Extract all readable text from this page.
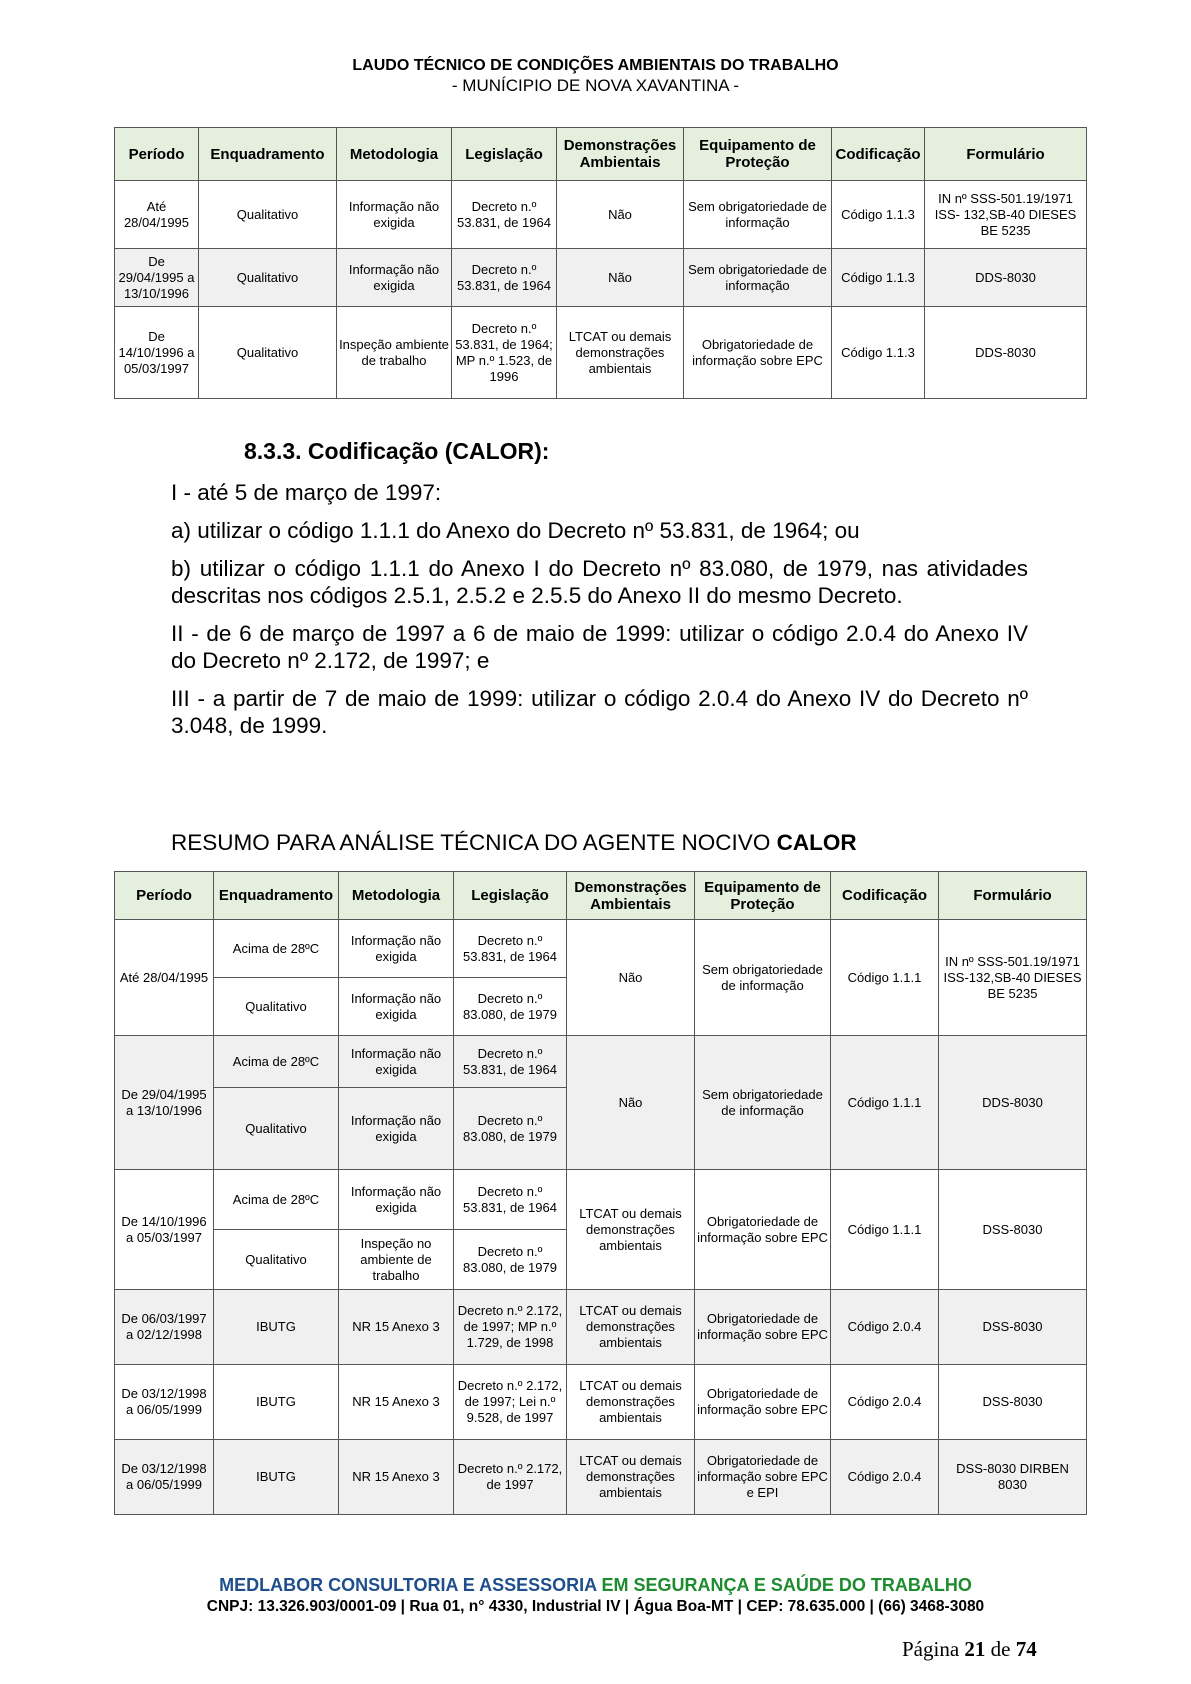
LAUDO TÉCNICO DE CONDIÇÕES AMBIENTAIS DO TRABALHO
- MUNÍCIPIO DE NOVA XAVANTINA -
Período	Enquadramento	Metodologia	Legislação	Demonstrações Ambientais	Equipamento de Proteção	Codificação	Formulário
Até 28/04/1995	Qualitativo	Informação não exigida	Decreto n.º 53.831, de 1964	Não	Sem obrigatoriedade de informação	Código 1.1.3	IN nº SSS-501.19/1971 ISS- 132,SB-40 DIESES BE 5235
De 29/04/1995 a 13/10/1996	Qualitativo	Informação não exigida	Decreto n.º 53.831, de 1964	Não	Sem obrigatoriedade de informação	Código 1.1.3	DDS-8030
De 14/10/1996 a 05/03/1997	Qualitativo	Inspeção ambiente de trabalho	Decreto n.º 53.831, de 1964; MP n.º 1.523, de 1996	LTCAT ou demais demonstrações ambientais	Obrigatoriedade de informação sobre EPC	Código 1.1.3	DDS-8030
8.3.3. Codificação (CALOR):

I - até 5 de março de 1997:

a) utilizar o código 1.1.1 do Anexo do Decreto nº 53.831, de 1964; ou

b) utilizar o código 1.1.1 do Anexo I do Decreto nº 83.080, de 1979, nas atividades descritas nos códigos 2.5.1, 2.5.2 e 2.5.5 do Anexo II do mesmo Decreto.

II - de 6 de março de 1997 a 6 de maio de 1999: utilizar o código 2.0.4 do Anexo IV do Decreto nº 2.172, de 1997; e

III - a partir de 7 de maio de 1999: utilizar o código 2.0.4 do Anexo IV do Decreto nº 3.048, de 1999.

RESUMO PARA ANÁLISE TÉCNICA DO AGENTE NOCIVO CALOR
Período	Enquadramento	Metodologia	Legislação	Demonstrações Ambientais	Equipamento de Proteção	Codificação	Formulário
Até 28/04/1995	Acima de 28ºC	Informação não exigida	Decreto n.º 53.831, de 1964	Não	Sem obrigatoriedade de informação	Código 1.1.1	IN nº SSS-501.19/1971 ISS-132,SB-40 DIESES BE 5235
	Qualitativo	Informação não exigida	Decreto n.º 83.080, de 1979				
De 29/04/1995 a 13/10/1996	Acima de 28ºC	Informação não exigida	Decreto n.º 53.831, de 1964	Não	Sem obrigatoriedade de informação	Código 1.1.1	DDS-8030
	Qualitativo	Informação não exigida	Decreto n.º 83.080, de 1979				
De 14/10/1996 a 05/03/1997	Acima de 28ºC	Informação não exigida	Decreto n.º 53.831, de 1964	LTCAT ou demais demonstrações ambientais	Obrigatoriedade de informação sobre EPC	Código 1.1.1	DSS-8030
	Qualitativo	Inspeção no ambiente de trabalho	Decreto n.º 83.080, de 1979				
De 06/03/1997 a 02/12/1998	IBUTG	NR 15 Anexo 3	Decreto n.º 2.172, de 1997; MP n.º 1.729, de 1998	LTCAT ou demais demonstrações ambientais	Obrigatoriedade de informação sobre EPC	Código 2.0.4	DSS-8030
De 03/12/1998 a 06/05/1999	IBUTG	NR 15 Anexo 3	Decreto n.º 2.172, de 1997; Lei n.º 9.528, de 1997	LTCAT ou demais demonstrações ambientais	Obrigatoriedade de informação sobre EPC	Código 2.0.4	DSS-8030
De 03/12/1998 a 06/05/1999	IBUTG	NR 15 Anexo 3	Decreto n.º 2.172, de 1997	LTCAT ou demais demonstrações ambientais	Obrigatoriedade de informação sobre EPC e EPI	Código 2.0.4	DSS-8030 DIRBEN 8030
MEDLABOR CONSULTORIA E ASSESSORIA EM SEGURANÇA E SAÚDE DO TRABALHO
CNPJ: 13.326.903/0001-09 | Rua 01, n° 4330, Industrial IV | Água Boa-MT | CEP: 78.635.000 | (66) 3468-3080
Página 21 de 74
